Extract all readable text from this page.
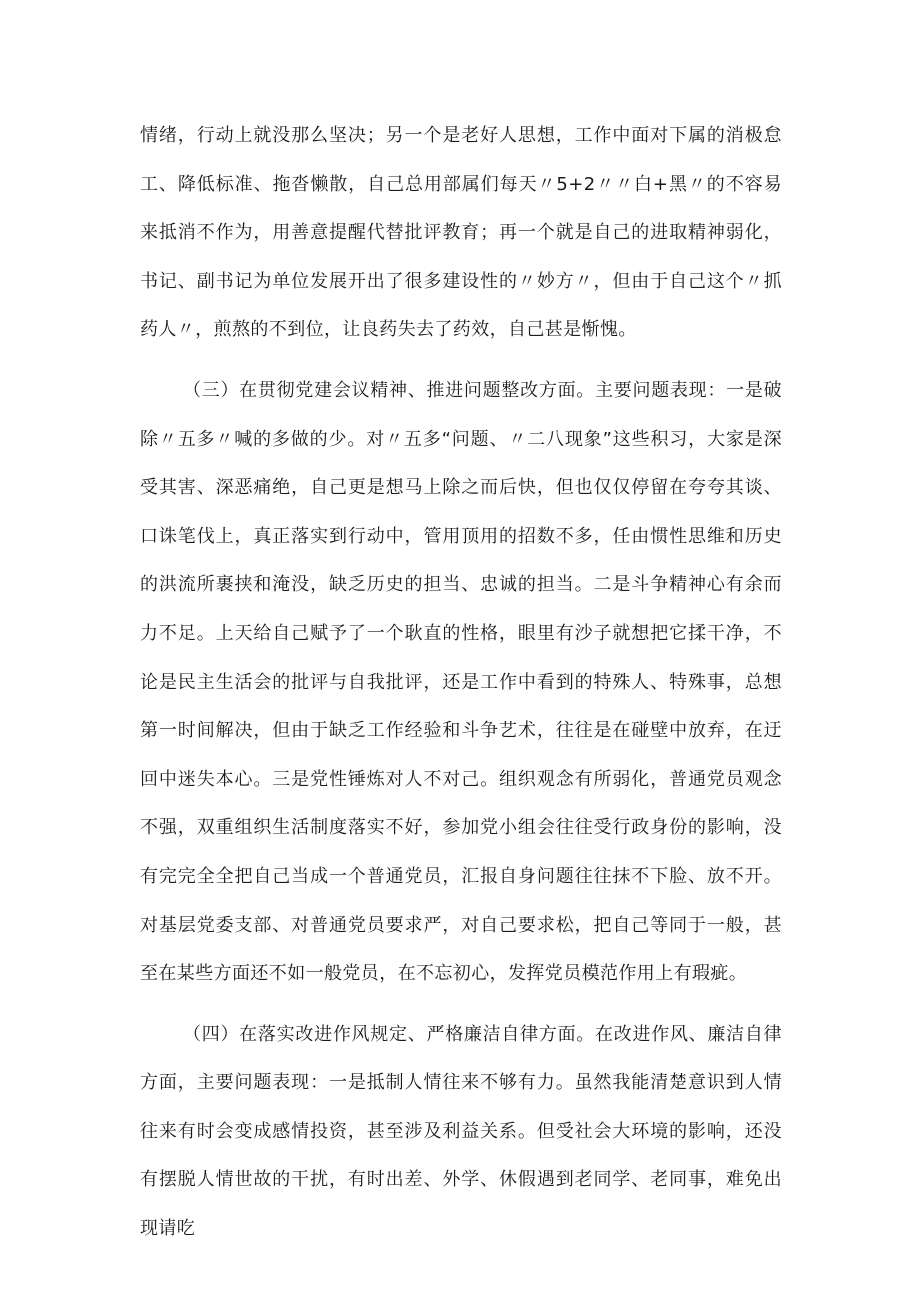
情绪，行动上就没那么坚决；另一个是老好人思想，工作中面对下属的消极怠工、降低标准、拖沓懒散，自己总用部属们每天〃5+2〃〃白+黑〃的不容易来抵消不作为，用善意提醒代替批评教育；再一个就是自己的进取精神弱化，书记、副书记为单位发展开出了很多建设性的〃妙方〃，但由于自己这个〃抓药人〃，煎熬的不到位，让良药失去了药效，自己甚是惭愧。

（三）在贯彻党建会议精神、推进问题整改方面。主要问题表现：一是破除〃五多〃喊的多做的少。对〃五多“问题、〃二八现象”这些积习，大家是深受其害、深恶痛绝，自己更是想马上除之而后快，但也仅仅停留在夸夸其谈、口诛笔伐上，真正落实到行动中，管用顶用的招数不多，任由惯性思维和历史的洪流所裹挟和淹没，缺乏历史的担当、忠诚的担当。二是斗争精神心有余而力不足。上天给自己赋予了一个耿直的性格，眼里有沙子就想把它揉干净，不论是民主生活会的批评与自我批评，还是工作中看到的特殊人、特殊事，总想第一时间解决，但由于缺乏工作经验和斗争艺术，往往是在碰壁中放弃，在迂回中迷失本心。三是党性锤炼对人不对己。组织观念有所弱化，普通党员观念不强，双重组织生活制度落实不好，参加党小组会往往受行政身份的影响，没有完完全全把自己当成一个普通党员，汇报自身问题往往抹不下脸、放不开。对基层党委支部、对普通党员要求严，对自己要求松，把自己等同于一般，甚至在某些方面还不如一般党员，在不忘初心，发挥党员模范作用上有瑕疵。

（四）在落实改进作风规定、严格廉洁自律方面。在改进作风、廉洁自律方面，主要问题表现：一是抵制人情往来不够有力。虽然我能清楚意识到人情往来有时会变成感情投资，甚至涉及利益关系。但受社会大环境的影响，还没有摆脱人情世故的干扰，有时出差、外学、休假遇到老同学、老同事，难免出现请吃
